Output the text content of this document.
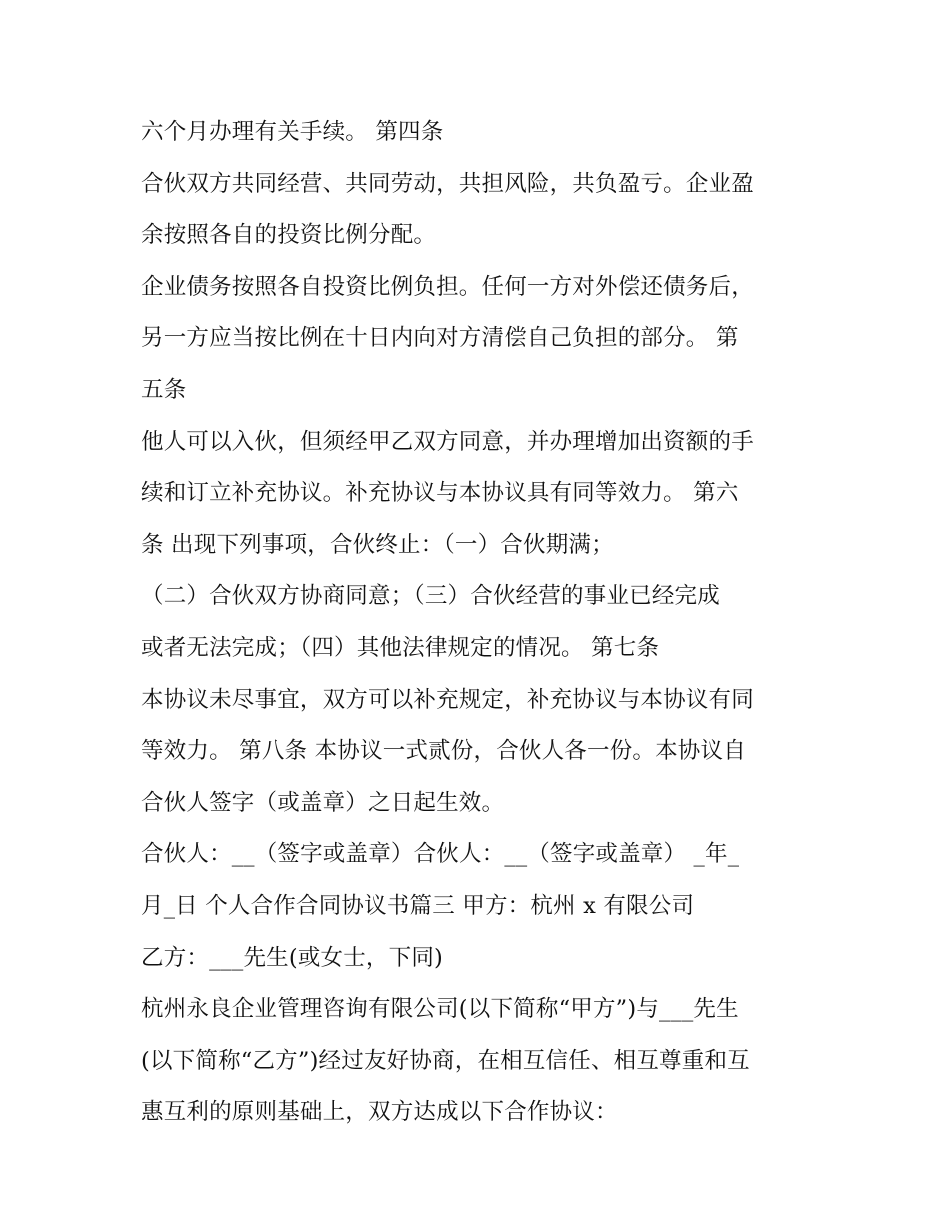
六个月办理有关手续。 第四条
合伙双方共同经营、共同劳动，共担风险，共负盈亏。企业盈
余按照各自的投资比例分配。
企业债务按照各自投资比例负担。任何一方对外偿还债务后，
另一方应当按比例在十日内向对方清偿自己负担的部分。 第
五条
他人可以入伙，但须经甲乙双方同意，并办理增加出资额的手
续和订立补充协议。补充协议与本协议具有同等效力。 第六
条 出现下列事项，合伙终止：（一）合伙期满；
（二）合伙双方协商同意；（三）合伙经营的事业已经完成
或者无法完成；（四）其他法律规定的情况。 第七条
本协议未尽事宜，双方可以补充规定，补充协议与本协议有同
等效力。 第八条 本协议一式贰份，合伙人各一份。本协议自
合伙人签字（或盖章）之日起生效。
合伙人：__（签字或盖章）合伙人：__（签字或盖章） _年_
月_日 个人合作合同协议书篇三 甲方：杭州 x 有限公司
乙方：___先生(或女士，下同)
杭州永良企业管理咨询有限公司(以下简称“甲方”)与___先生
(以下简称“乙方”)经过友好协商，在相互信任、相互尊重和互
惠互利的原则基础上，双方达成以下合作协议：
